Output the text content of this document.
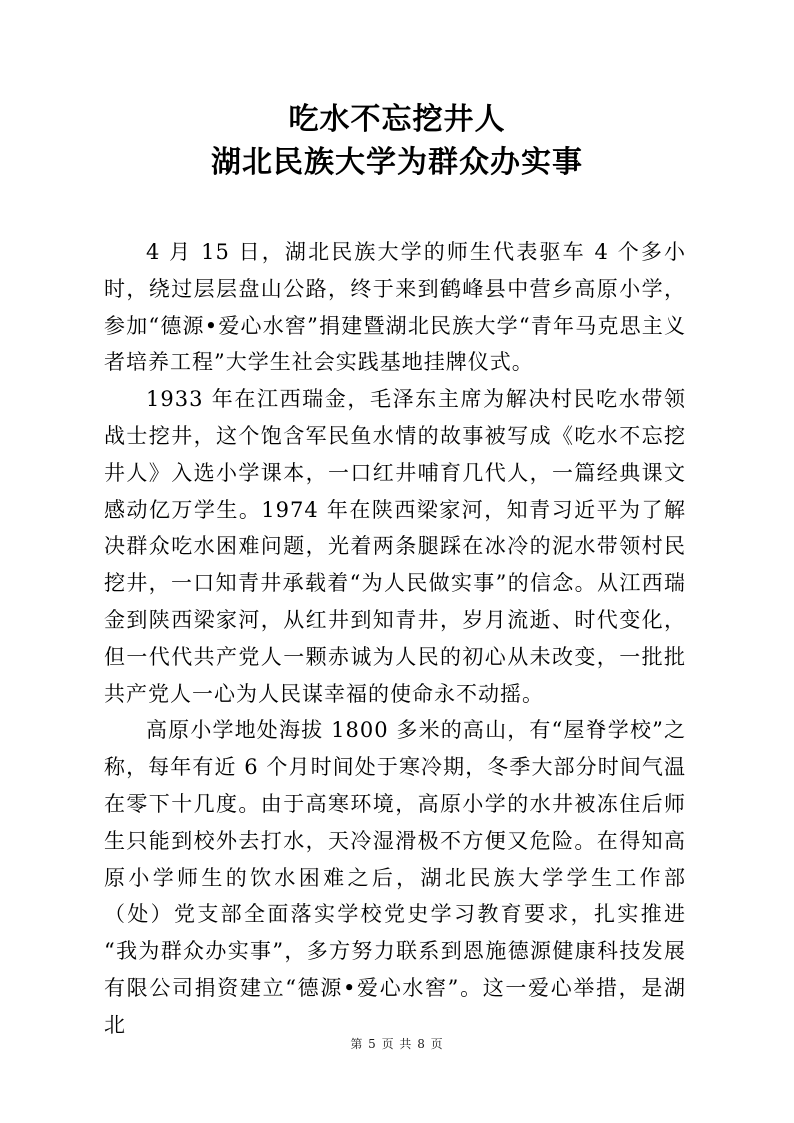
吃水不忘挖井人
湖北民族大学为群众办实事

4 月 15 日，湖北民族大学的师生代表驱车 4 个多小时，绕过层层盘山公路，终于来到鹤峰县中营乡高原小学，参加“德源•爱心水窖”捐建暨湖北民族大学“青年马克思主义者培养工程”大学生社会实践基地挂牌仪式。

1933 年在江西瑞金，毛泽东主席为解决村民吃水带领战士挖井，这个饱含军民鱼水情的故事被写成《吃水不忘挖井人》入选小学课本，一口红井哺育几代人，一篇经典课文感动亿万学生。1974 年在陕西梁家河，知青习近平为了解决群众吃水困难问题，光着两条腿踩在冰冷的泥水带领村民挖井，一口知青井承载着“为人民做实事”的信念。从江西瑞金到陕西梁家河，从红井到知青井，岁月流逝、时代变化，但一代代共产党人一颗赤诚为人民的初心从未改变，一批批共产党人一心为人民谋幸福的使命永不动摇。

高原小学地处海拔 1800 多米的高山，有“屋脊学校”之称，每年有近 6 个月时间处于寒冷期，冬季大部分时间气温在零下十几度。由于高寒环境，高原小学的水井被冻住后师生只能到校外去打水，天冷湿滑极不方便又危险。在得知高原小学师生的饮水困难之后，湖北民族大学学生工作部（处）党支部全面落实学校党史学习教育要求，扎实推进“我为群众办实事”，多方努力联系到恩施德源健康科技发展有限公司捐资建立“德源•爱心水窖”。这一爱心举措，是湖北

第 5 页 共 8 页
